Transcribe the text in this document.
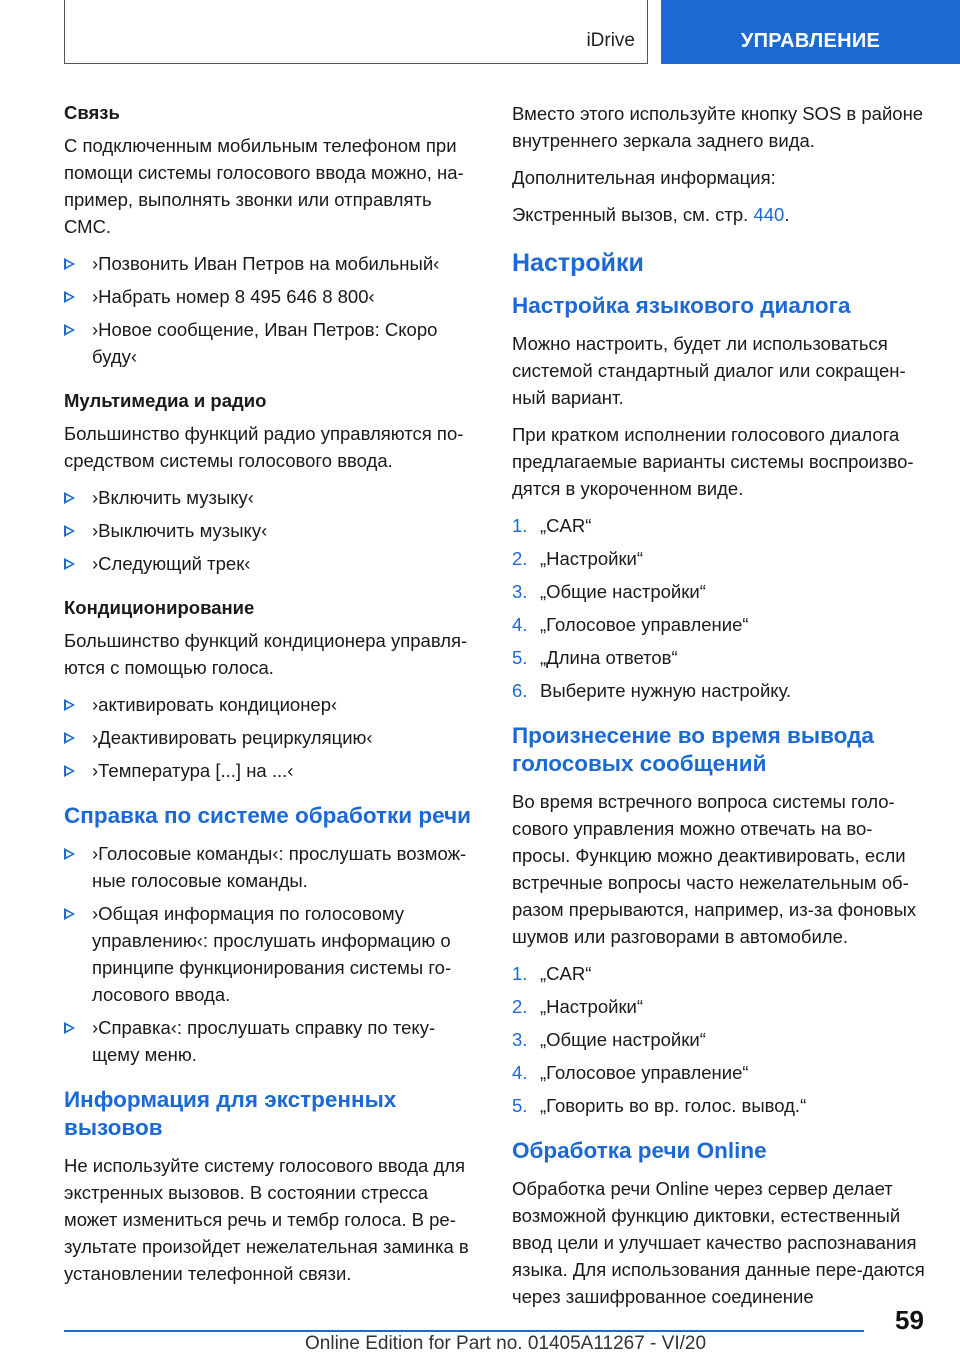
iDrive	УПРАВЛЕНИЕ
Связь

С подключенным мобильным телефоном при помощи системы голосового ввода можно, на-пример, выполнять звонки или отправлять СМС.

›Позвонить Иван Петров на мобильный‹
›Набрать номер 8 495 646 8 800‹
›Новое сообщение, Иван Петров: Скоро буду‹
Мультимедиа и радио

Большинство функций радио управляются по-средством системы голосового ввода.

›Включить музыку‹
›Выключить музыку‹
›Следующий трек‹
Кондиционирование

Большинство функций кондиционера управля-ются с помощью голоса.

›активировать кондиционер‹
›Деактивировать рециркуляцию‹
›Температура [...] на ...‹
Справка по системе обработки речи
›Голосовые команды‹: прослушать возмож-ные голосовые команды.
›Общая информация по голосовому управлению‹: прослушать информацию о принципе функционирования системы го-лосового ввода.
›Справка‹: прослушать справку по теку-щему меню.
Информация для экстренных вызовов

Не используйте систему голосового ввода для экстренных вызовов. В состоянии стресса может измениться речь и тембр голоса. В ре-зультате произойдет нежелательная заминка в установлении телефонной связи.

Вместо этого используйте кнопку SOS в районе внутреннего зеркала заднего вида.

Дополнительная информация:

Экстренный вызов, см. стр. 440.

Настройки
Настройка языкового диалога

Можно настроить, будет ли использоваться системой стандартный диалог или сокращен-ный вариант.

При кратком исполнении голосового диалога предлагаемые варианты системы воспроизво-дятся в укороченном виде.

1. „CAR“
2. „Настройки“
3. „Общие настройки“
4. „Голосовое управление“
5. „Длина ответов“
6. Выберите нужную настройку.
Произнесение во время вывода голосовых сообщений

Во время встречного вопроса системы голо-сового управления можно отвечать на во-просы. Функцию можно деактивировать, если встречные вопросы часто нежелательным об-разом прерываются, например, из-за фоновых шумов или разговорами в автомобиле.

1. „CAR“
2. „Настройки“
3. „Общие настройки“
4. „Голосовое управление“
5. „Говорить во вр. голос. вывод.“
Обработка речи Online

Обработка речи Online через сервер делает возможной функцию диктовки, естественный ввод цели и улучшает качество распознавания языка. Для использования данные пере-даются через зашифрованное соединение

59
Online Edition for Part no. 01405A11267 - VI/20
